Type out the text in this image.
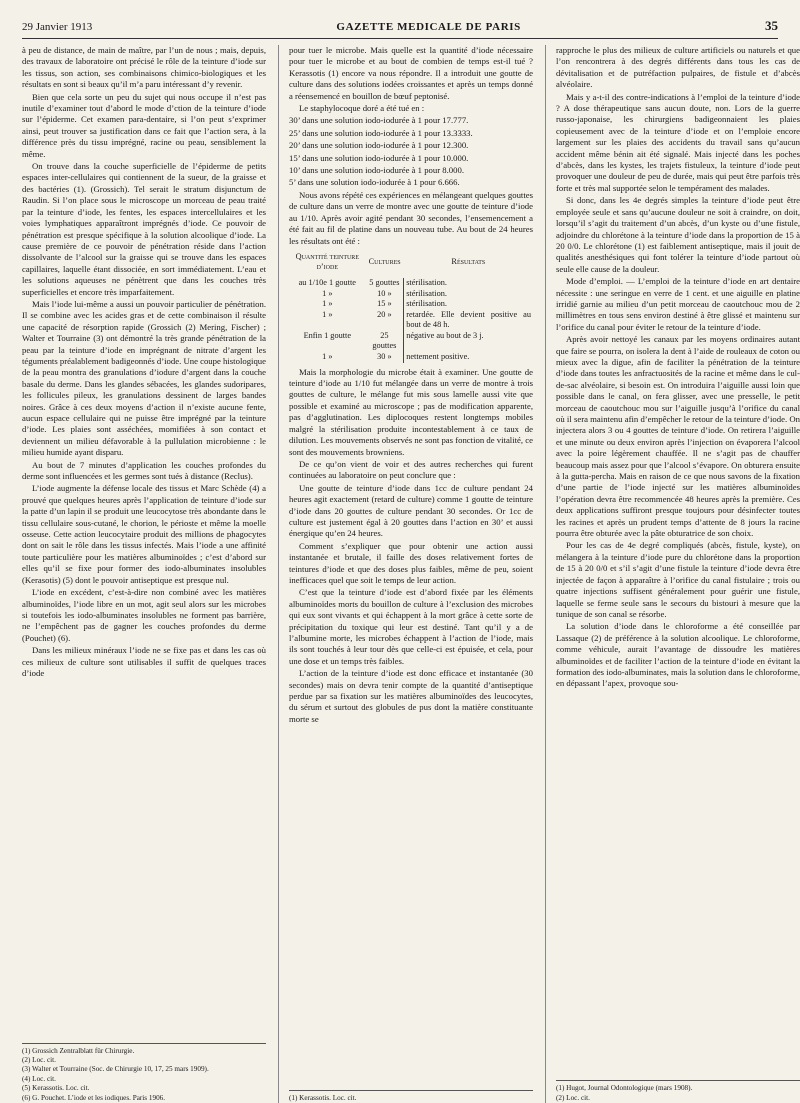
29 Janvier 1913	GAZETTE MEDICALE DE PARIS	35

à peu de distance, de main de maître, par l’un de nous ; mais, depuis, des travaux de laboratoire ont précisé le rôle de la teinture d’iode sur les tissus, son action, ses combinaisons chimico-biologiques et les résultats en sont si beaux qu’il m’a paru intéressant d’y revenir.

Bien que cela sorte un peu du sujet qui nous occupe il n’est pas inutile d’examiner tout d’abord le mode d’ction de la teinture d’iode sur l’épiderme. Cet examen para-dentaire, si l’on peut s’exprimer ainsi, peut trouver sa justification dans ce fait que l’action sera, à la différence près du tissu imprégné, racine ou peau, sensiblement la même.

On trouve dans la couche superficielle de l’épiderme de petits espaces inter-cellulaires qui contiennent de la sueur, de la graisse et des bactéries (1). (Grossich). Tel serait le stratum disjunctum de Raudin. Si l’on place sous le microscope un morceau de peau traité par la teinture d’iode, les fentes, les espaces intercellulaires et les voies lymphatiques apparaîtront imprégnés d’iode. Ce pouvoir de pénétration est presque spécifique à la solution alcoolique d’iode. La cause première de ce pouvoir de pénétration réside dans l’action dissolvante de l’alcool sur la graisse qui se trouve dans les espaces capillaires, laquelle étant dissociée, en sort immédiatement. L’eau et les solutions aqueuses ne pénètrent que dans les couches très superficielles et encore très imparfaitement.

Mais l’iode lui-même a aussi un pouvoir particulier de pénétration. Il se combine avec les acides gras et de cette combinaison il résulte une capacité de résorption rapide (Grossich (2) Mering, Fischer) ; Walter et Tourraine (3) ont démontré la très grande pénétration de la peau par la teinture d’iode en imprégnant de nitrate d’argent les téguments préalablement badigeonnés d’iode. Une coupe histologique de la peau montra des granulations d’iodure d’argent dans la couche basale du derme. Dans les glandes sébacées, les glandes sudoripares, les follicules pileux, les granulations dessinent de larges bandes noires. Grâce à ces deux moyens d’action il n’existe aucune fente, aucun espace cellulaire qui ne puisse être imprégné par la teinture d’iode. Les plaies sont asséchées, momifiées à son contact et deviennent un milieu défavorable à la pullulation microbienne : le milieu humide ayant disparu.

Au bout de 7 minutes d’application les couches profondes du derme sont influencées et les germes sont tués à distance (Reclus).

L’iode augmente la défense locale des tissus et Marc Schède (4) a prouvé que quelques heures après l’application de teinture d’iode sur la patte d’un lapin il se produit une leucocytose très abondante dans le tissu cellulaire sous-cutané, le chorion, le périoste et même la moelle osseuse. Cette action leucocytaire produit des millions de phagocytes dont on sait le rôle dans les tissus infectés. Mais l’iode a une affinité toute particulière pour les matières albuminoïdes ; c’est d’abord sur elles qu’il se fixe pour former des iodo-albuminates insolubles (Kerasotis) (5) dont le pouvoir antiseptique est presque nul.

L’iode en excédent, c’est-à-dire non combiné avec les matières albuminoïdes, l’iode libre en un mot, agit seul alors sur les microbes si toutefois les iodo-albuminates insolubles ne forment pas barrière, ne l’empêchent pas de gagner les couches profondes du derme (Pouchet) (6).

Dans les milieux minéraux l’iode ne se fixe pas et dans les cas où ces milieux de culture sont utilisables il suffit de quelques traces d’iode

(1) Grossich Zentralblatt für Chirurgie.
(2) Loc. cit.
(3) Walter et Tourraine (Soc. de Chirurgie 10, 17, 25 mars 1909).
(4) Loc. cit.
(5) Kerassotis. Loc. cit.
(6) G. Pouchet. L’iode et les iodiques. Paris 1906.

pour tuer le microbe. Mais quelle est la quantité d’iode nécessaire pour tuer le microbe et au bout de combien de temps est-il tué ? Kerassotis (1) encore va nous répondre. Il a introduit une goutte de culture dans des solutions iodées croissantes et après un temps donné a réensemencé en bouillon de bœuf peptonisé.

Le staphylocoque doré a été tué en :

30’ dans une solution iodo-iodurée à 1 pour 17.777.

25’ dans une solution iodo-iodurée à 1 pour 13.3333.

20’ dans une solution iodo-iodurée à 1 pour 12.300.

15’ dans une solution iodo-iodurée à 1 pour 10.000.

10’ dans une solution iodo-iodurée à 1 pour 8.000.

5’ dans une solution iodo-iodurée à 1 pour 6.666.

Nous avons répété ces expériences en mélangeant quelques gouttes de culture dans un verre de montre avec une goutte de teinture d’iode au 1/10. Après avoir agité pendant 30 secondes, l’ensemencement a été fait au fil de platine dans un nouveau tube. Au bout de 24 heures les résultats ont été :

Quantité teinture d’iode	Cultures	Résultats
au 1/10e 1 goutte	5 gouttes	stérilisation.
1 »	10 »	stérilisation.
1 »	15 »	stérilisation.
1 »	20 »	retardée. Elle devient positive au bout de 48 h.
Enfin 1 goutte	25 gouttes	négative au bout de 3 j.
1 »	30 »	nettement positive.

Mais la morphologie du microbe était à examiner. Une goutte de teinture d’iode au 1/10 fut mélangée dans un verre de montre à trois gouttes de culture, le mélange fut mis sous lamelle aussi vite que possible et examiné au microscope ; pas de modification apparente, pas d’agglutination. Les diplocoques restent longtemps mobiles malgré la stérilisation produite incontestablement à ce taux de dilution. Les mouvements observés ne sont pas fonction de vitalité, ce sont des mouvements browniens.

De ce qu’on vient de voir et des autres recherches qui furent continuées au laboratoire on peut conclure que :

Une goutte de teinture d’iode dans 1cc de culture pendant 24 heures agit exactement (retard de culture) comme 1 goutte de teinture d’iode dans 20 gouttes de culture pendant 30 secondes. Or 1cc de culture est justement égal à 20 gouttes dans l’action en 30’ et aussi énergique qu’en 24 heures.

Comment s’expliquer que pour obtenir une action aussi instantanée et brutale, il faille des doses relativement fortes de teintures d’iode et que des doses plus faibles, même de peu, soient inefficaces quel que soit le temps de leur action.

C’est que la teinture d’iode est d’abord fixée par les éléments albuminoïdes morts du bouillon de culture à l’exclusion des microbes qui eux sont vivants et qui échappent à la mort grâce à cette sorte de précipitation du toxique qui leur est destiné. Tant qu’il y a de l’albumine morte, les microbes échappent à l’action de l’iode, mais ils sont touchés à leur tour dès que celle-ci est épuisée, et cela, pour une dose et un temps très faibles.

L’action de la teinture d’iode est donc efficace et instantanée (30 secondes) mais on devra tenir compte de la quantité d’antiseptique perdue par sa fixation sur les matières albuminoïdes des leucocytes, du sérum et surtout des globules de pus dont la matière constituante morte se

(1) Kerassotis. Loc. cit.

rapproche le plus des milieux de culture artificiels ou naturels et que l’on rencontrera à des degrés différents dans tous les cas de dévitalisation et de putréfaction pulpaires, de fistule et d’abcès alvéolaire.

Mais y a-t-il des contre-indications à l’emploi de la teinture d’iode ? A dose thérapeutique sans aucun doute, non. Lors de la guerre russo-japonaise, les chirurgiens badigeonnaient les plaies copieusement avec de la teinture d’iode et on l’emploie encore largement sur les plaies des accidents du travail sans qu’aucun accident même bénin ait été signalé. Mais injecté dans les poches d’abcès, dans les kystes, les trajets fistuleux, la teinture d’iode peut provoquer une douleur de peu de durée, mais qui peut être parfois très forte et très mal supportée selon le tempérament des malades.

Si donc, dans les 4e degrés simples la teinture d’iode peut être employée seule et sans qu’aucune douleur ne soit à craindre, on doit, lorsqu’il s’agit du traitement d’un abcès, d’un kyste ou d’une fistule, adjoindre du chlorétone à la teinture d’iode dans la proportion de 15 à 20 0/0. Le chlorétone (1) est faiblement antiseptique, mais il jouit de qualités anesthésiques qui font tolérer la teinture d’iode partout où seule elle cause de la douleur.

Mode d’emploi. — L’emploi de la teinture d’iode en art dentaire nécessite : une seringue en verre de 1 cent. et une aiguille en platine irridié garnie au milieu d’un petit morceau de caoutchouc mou de 2 millimètres en tous sens environ destiné à être glissé et maintenu sur l’orifice du canal pour éviter le retour de la teinture d’iode.

Après avoir nettoyé les canaux par les moyens ordinaires autant que faire se pourra, on isolera la dent à l’aide de rouleaux de coton ou mieux avec la digue, afin de faciliter la pénétration de la teinture d’iode dans toutes les anfractuosités de la racine et même dans le cul-de-sac alvéolaire, si besoin est. On introduira l’aiguille aussi loin que possible dans le canal, on fera glisser, avec une presselle, le petit morceau de caoutchouc mou sur l’aiguille jusqu’à l’orifice du canal où il sera maintenu afin d’empêcher le retour de la teinture d’iode. On injectera alors 3 ou 4 gouttes de teinture d’iode. On retirera l’aiguille et une minute ou deux environ après l’injection on évaporera l’alcool avec la poire légèrement chauffée. Il ne s’agit pas de chauffer beaucoup mais assez pour que l’alcool s’évapore. On obturera ensuite à la gutta-percha. Mais en raison de ce que nous savons de la fixation d’une partie de l’iode injecté sur les matières albuminoïdes l’opération devra être recommencée 48 heures après la première. Ces deux applications suffiront presque toujours pour désinfecter toutes les racines et après un prudent temps d’attente de 8 jours la racine pourra être obturée avec la pâte obturatrice de son choix.

Pour les cas de 4e degré compliqués (abcès, fistule, kyste), on mélangera à la teinture d’iode pure du chlorétone dans la proportion de 15 à 20 0/0 et s’il s’agit d’une fistule la teinture d’iode devra être injectée de façon à apparaître à l’orifice du canal fistulaire ; trois ou quatre injections suffisent généralement pour guérir une fistule, laquelle se ferme seule sans le secours du bistouri à mesure que la tunique de son canal se résorbe.

La solution d’iode dans le chloroforme a été conseillée par Lassaque (2) de préférence à la solution alcoolique. Le chloroforme, comme véhicule, aurait l’avantage de dissoudre les matières albuminoïdes et de faciliter l’action de la teinture d’iode en évitant la formation des iodo-albuminates, mais la solution dans le chloroforme, en dépassant l’apex, provoque sou-

(1) Hugot, Journal Odontologique (mars 1908).
(2) Loc. cit.
